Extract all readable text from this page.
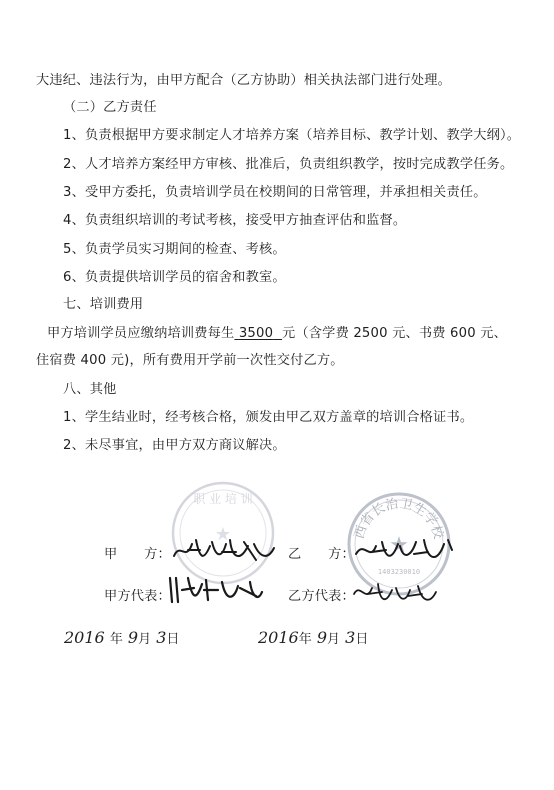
大违纪、违法行为，由甲方配合（乙方协助）相关执法部门进行处理。
（二）乙方责任
1、负责根据甲方要求制定人才培养方案（培养目标、教学计划、教学大纲）。
2、人才培养方案经甲方审核、批准后，负责组织教学，按时完成教学任务。
3、受甲方委托，负责培训学员在校期间的日常管理，并承担相关责任。
4、负责组织培训的考试考核，接受甲方抽查评估和监督。
5、负责学员实习期间的检查、考核。
6、负责提供培训学员的宿舍和教室。
七、培训费用
甲方培训学员应缴纳培训费每生 3500 元（含学费 2500 元、书费 600 元、
住宿费 400 元)，所有费用开学前一次性交付乙方。
八、其他
1、学生结业时，经考核合格，颁发由甲乙双方盖章的培训合格证书。
2、未尽事宜，由甲方双方商议解决。
职 业 培 训
★	西省长治卫生学校
★
1403230010
甲　　方：	乙　　方：
甲方代表：	乙方代表：
2016 年 9月 3日	2016年 9月 3日
